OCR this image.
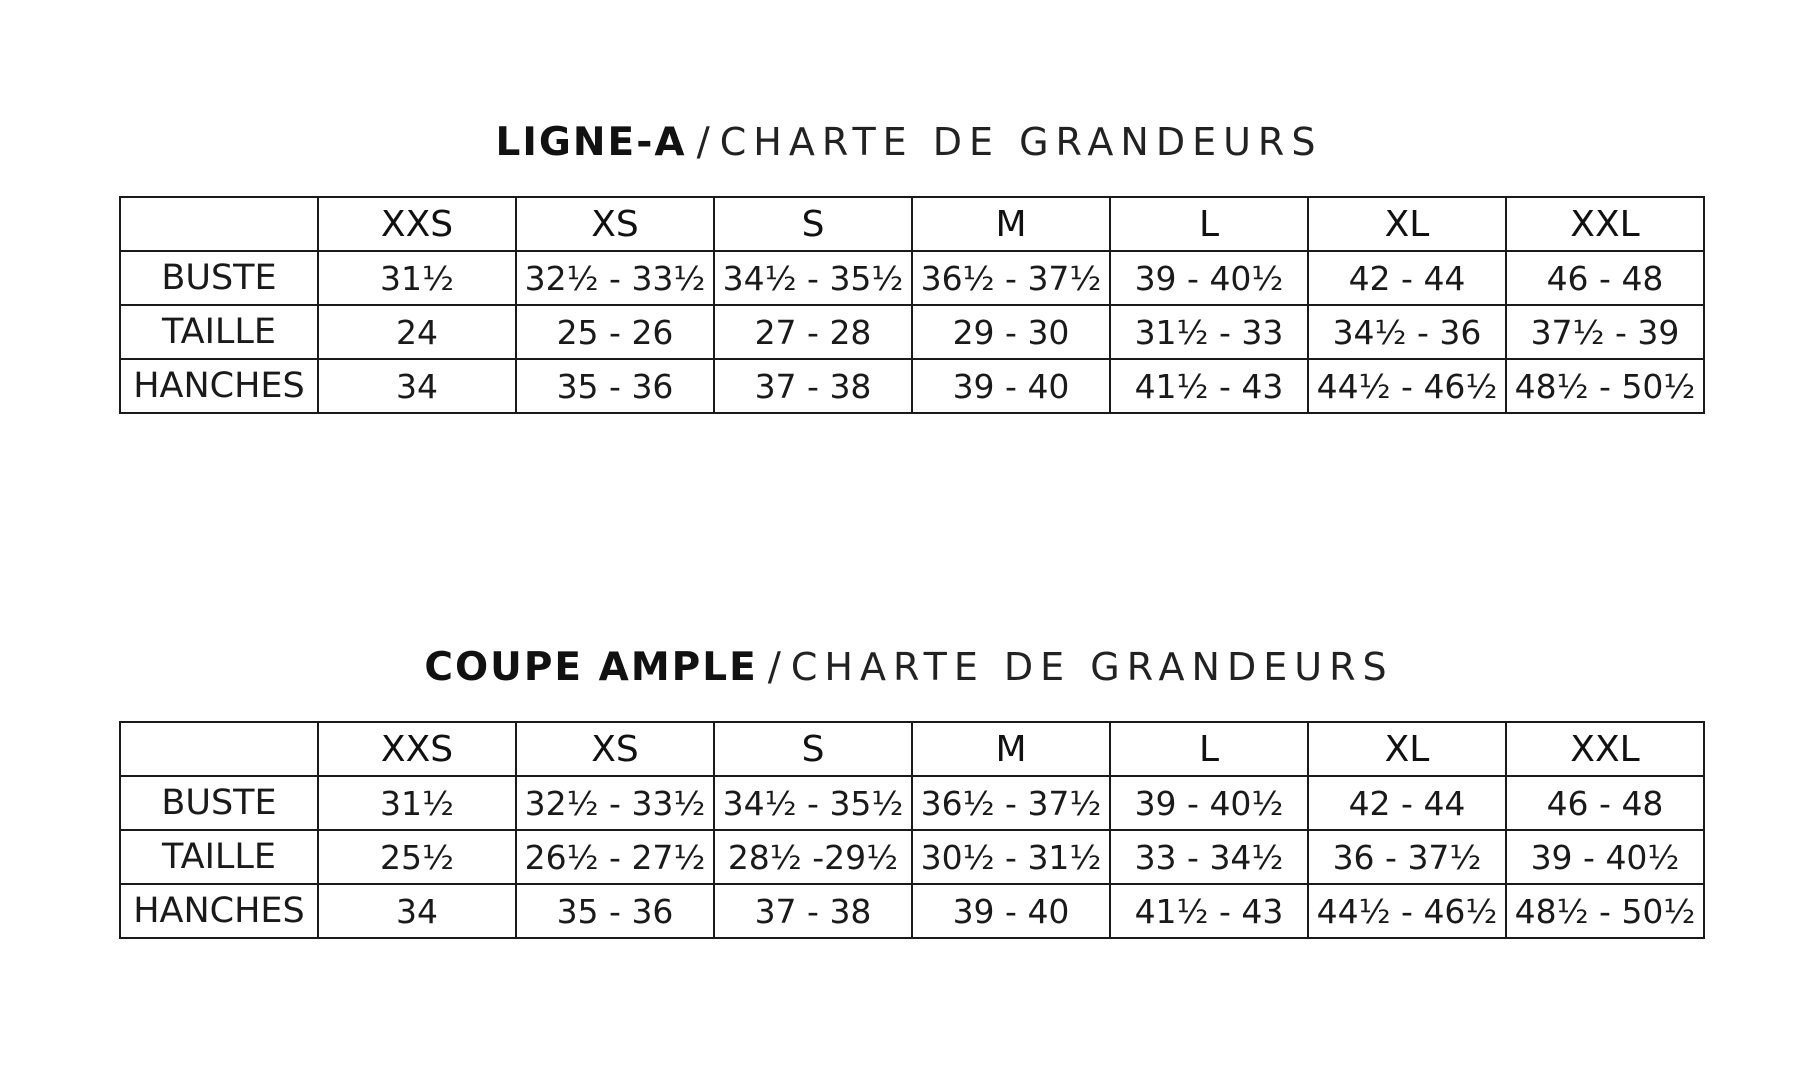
LIGNE-A / CHARTE DE GRANDEURS
	XXS	XS	S	M	L	XL	XXL
BUSTE	31½	32½ - 33½	34½ - 35½	36½ - 37½	39 - 40½	42 - 44	46 - 48
TAILLE	24	25 - 26	27 - 28	29 - 30	31½ - 33	34½ - 36	37½ - 39
HANCHES	34	35 - 36	37 - 38	39 - 40	41½ - 43	44½ - 46½	48½ - 50½
COUPE AMPLE / CHARTE DE GRANDEURS
	XXS	XS	S	M	L	XL	XXL
BUSTE	31½	32½ - 33½	34½ - 35½	36½ - 37½	39 - 40½	42 - 44	46 - 48
TAILLE	25½	26½ - 27½	28½ -29½	30½ - 31½	33 - 34½	36 - 37½	39 - 40½
HANCHES	34	35 - 36	37 - 38	39 - 40	41½ - 43	44½ - 46½	48½ - 50½
